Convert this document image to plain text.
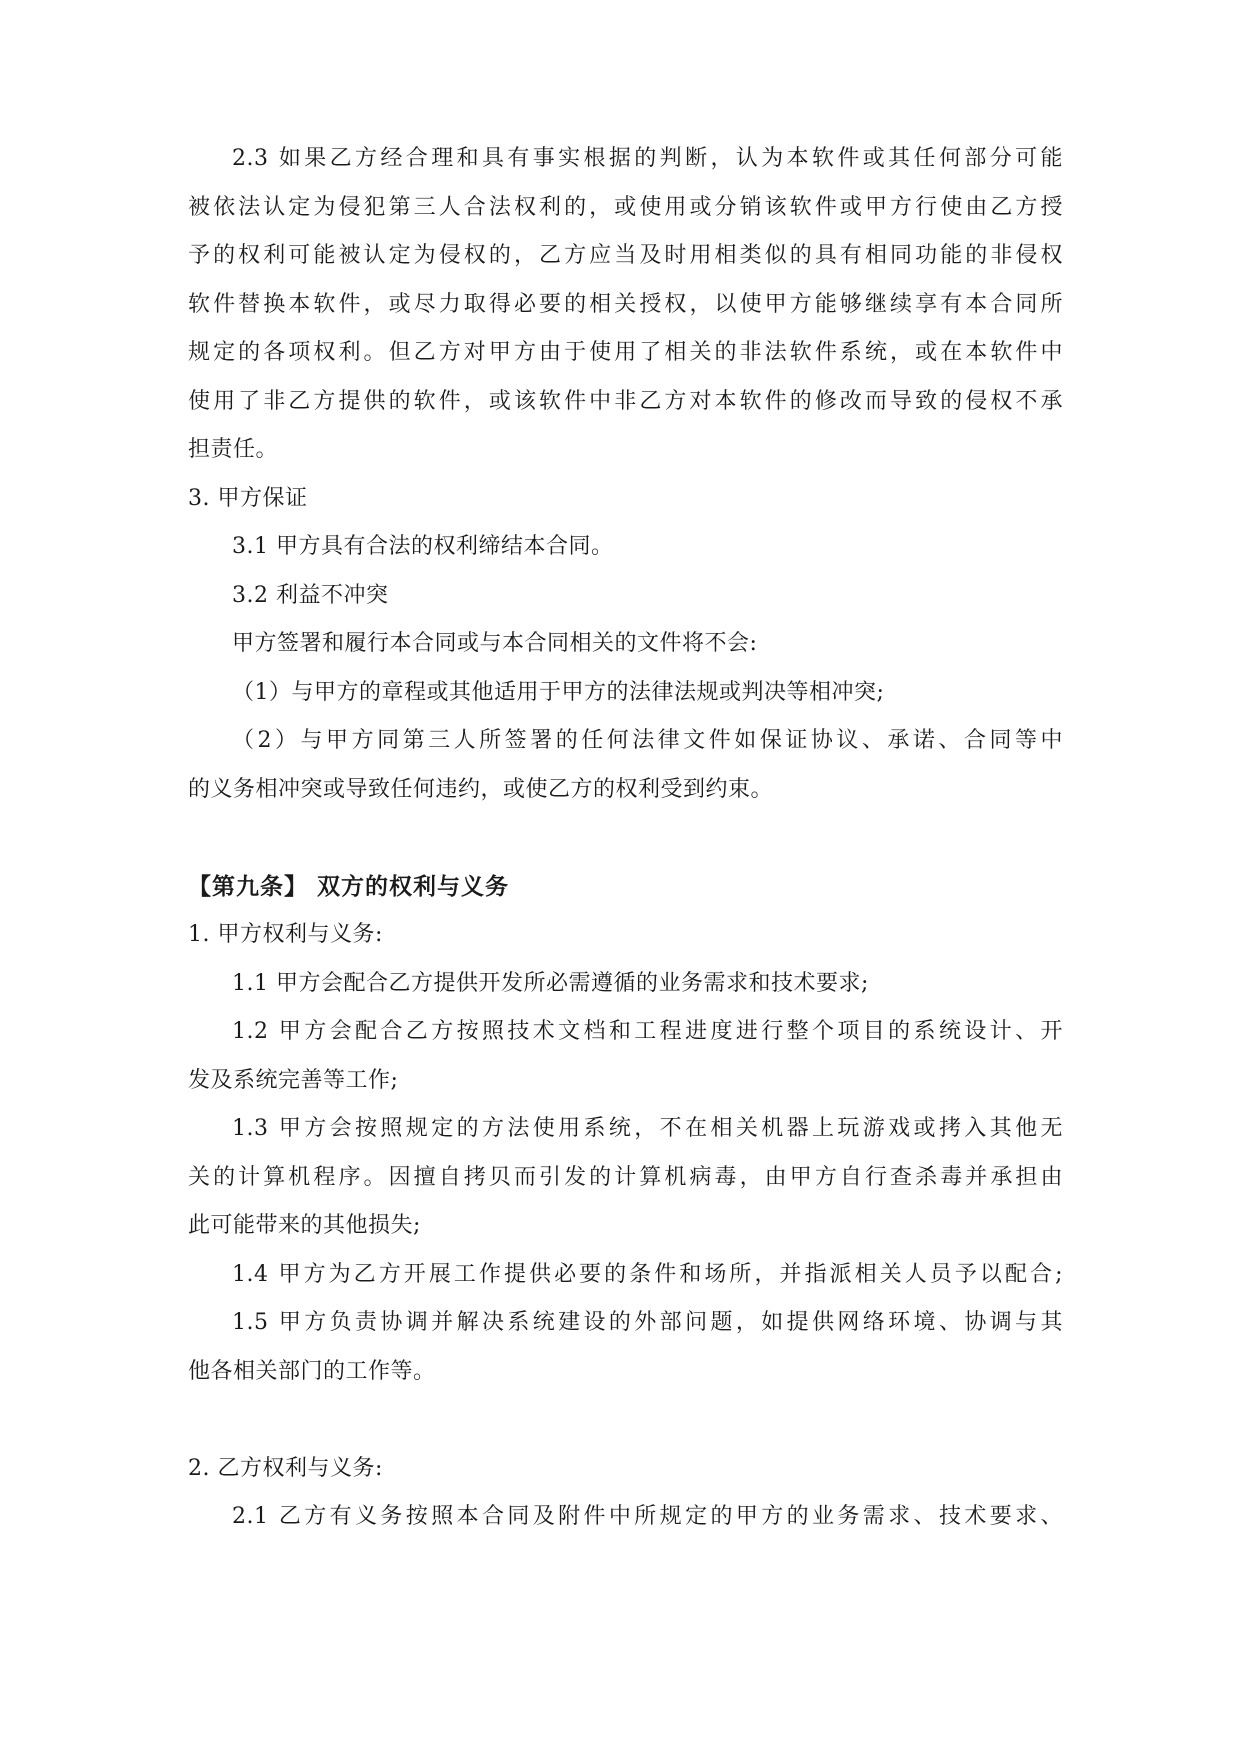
2.3 如果乙方经合理和具有事实根据的判断，认为本软件或其任何部分可能
被依法认定为侵犯第三人合法权利的，或使用或分销该软件或甲方行使由乙方授
予的权利可能被认定为侵权的，乙方应当及时用相类似的具有相同功能的非侵权
软件替换本软件，或尽力取得必要的相关授权，以使甲方能够继续享有本合同所
规定的各项权利。但乙方对甲方由于使用了相关的非法软件系统，或在本软件中
使用了非乙方提供的软件，或该软件中非乙方对本软件的修改而导致的侵权不承
担责任。
3. 甲方保证
3.1 甲方具有合法的权利缔结本合同。
3.2 利益不冲突
甲方签署和履行本合同或与本合同相关的文件将不会:
（1）与甲方的章程或其他适用于甲方的法律法规或判决等相冲突;
（2）与甲方同第三人所签署的任何法律文件如保证协议、承诺、合同等中
的义务相冲突或导致任何违约，或使乙方的权利受到约束。
【第九条】 双方的权利与义务
1. 甲方权利与义务:
1.1 甲方会配合乙方提供开发所必需遵循的业务需求和技术要求;
1.2 甲方会配合乙方按照技术文档和工程进度进行整个项目的系统设计、开
发及系统完善等工作;
1.3 甲方会按照规定的方法使用系统，不在相关机器上玩游戏或拷入其他无
关的计算机程序。因擅自拷贝而引发的计算机病毒，由甲方自行查杀毒并承担由
此可能带来的其他损失;
1.4 甲方为乙方开展工作提供必要的条件和场所，并指派相关人员予以配合;
1.5 甲方负责协调并解决系统建设的外部问题，如提供网络环境、协调与其
他各相关部门的工作等。
2. 乙方权利与义务:
2.1 乙方有义务按照本合同及附件中所规定的甲方的业务需求、技术要求、
